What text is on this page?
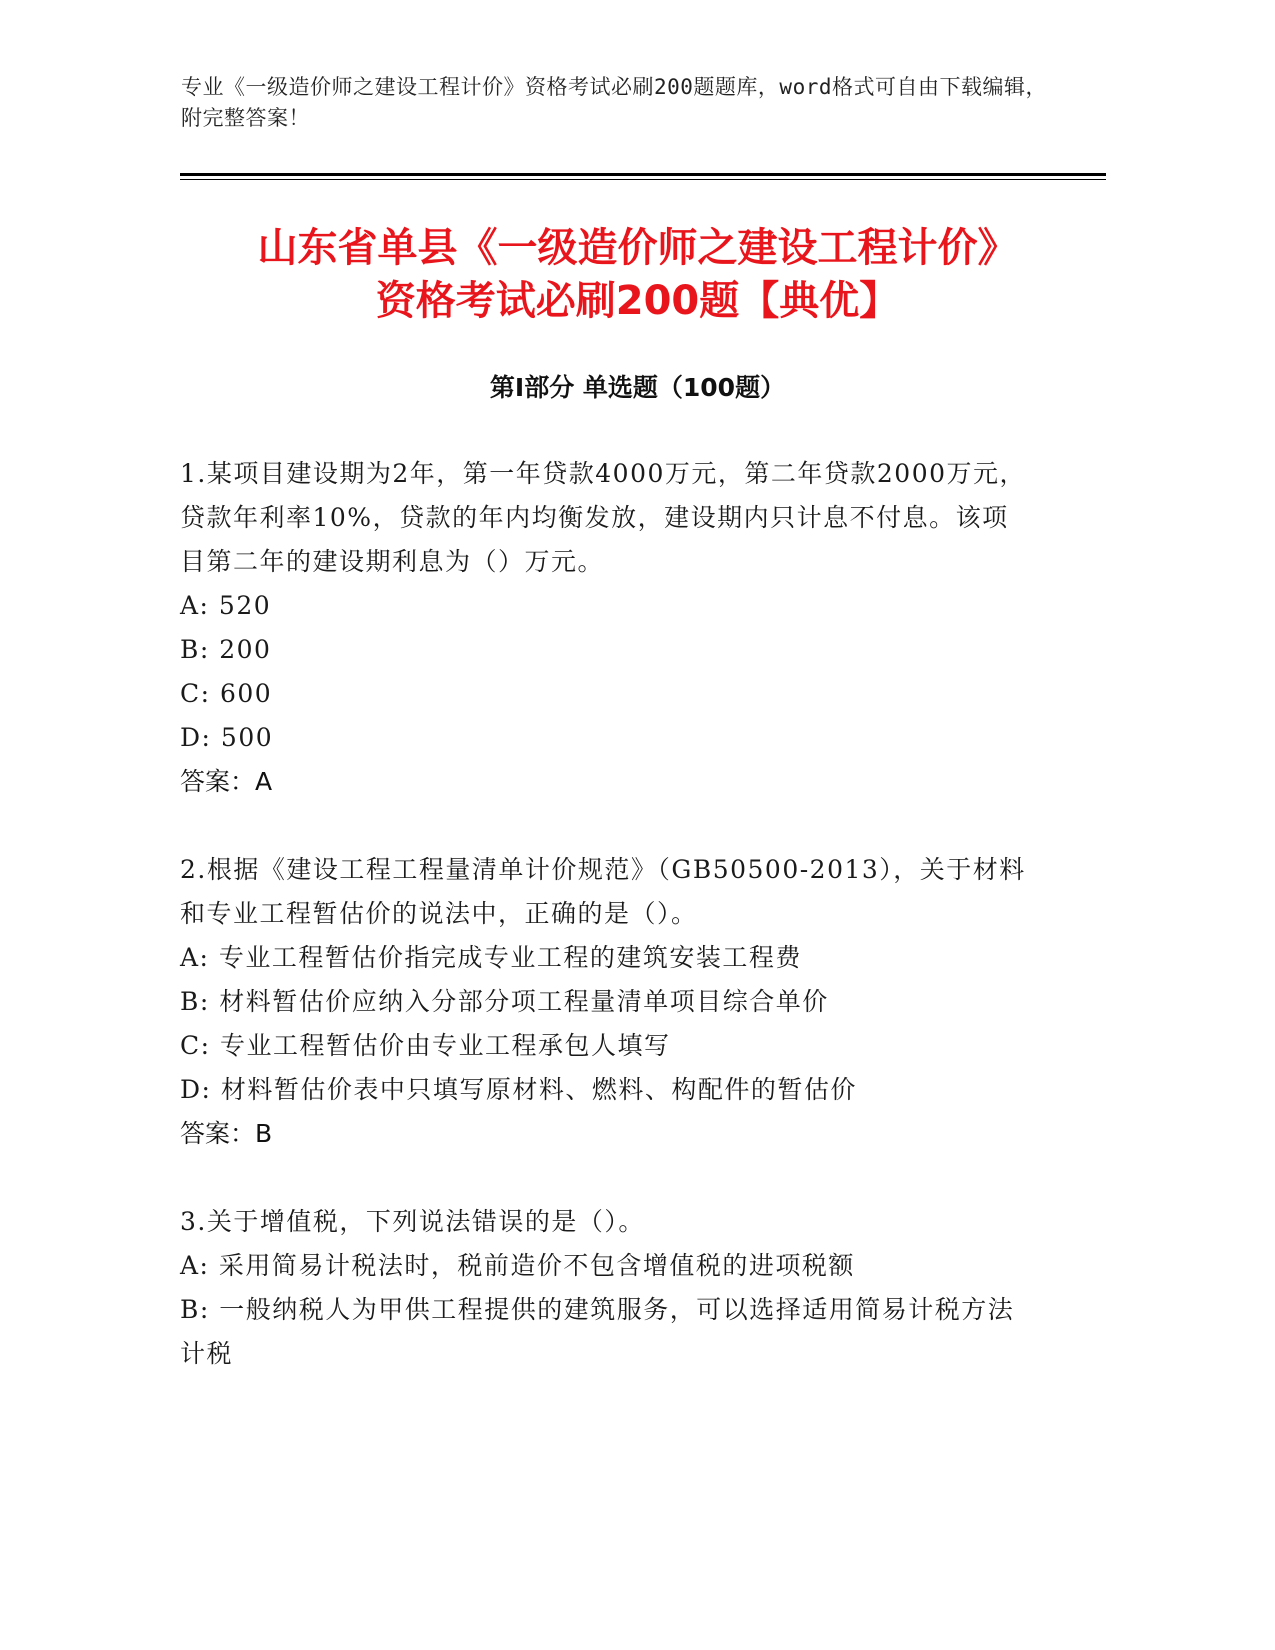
专业《一级造价师之建设工程计价》资格考试必刷200题题库，word格式可自由下载编辑，附完整答案！
山东省单县《一级造价师之建设工程计价》
资格考试必刷200题【典优】
第I部分 单选题（100题）
1.某项目建设期为2年，第一年贷款4000万元，第二年贷款2000万元，贷款年利率10%，贷款的年内均衡发放，建设期内只计息不付息。该项目第二年的建设期利息为（）万元。
A: 520
B: 200
C: 600
D: 500
答案：A
2.根据《建设工程工程量清单计价规范》（GB50500-2013），关于材料和专业工程暂估价的说法中，正确的是（）。
A: 专业工程暂估价指完成专业工程的建筑安装工程费
B: 材料暂估价应纳入分部分项工程量清单项目综合单价
C: 专业工程暂估价由专业工程承包人填写
D: 材料暂估价表中只填写原材料、燃料、构配件的暂估价
答案：B
3.关于增值税，下列说法错误的是（）。
A: 采用简易计税法时，税前造价不包含增值税的进项税额
B: 一般纳税人为甲供工程提供的建筑服务，可以选择适用简易计税方法计税
